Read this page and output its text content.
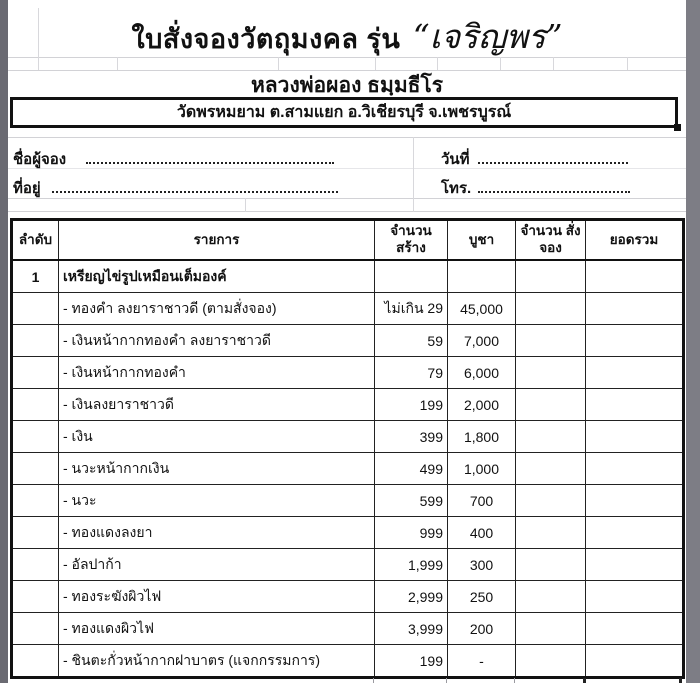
ใบสั่งจองวัตถุมงคล รุ่น “เจริญพร”
หลวงพ่อผอง ธมฺมธีโร
วัดพรหมยาม ต.สามแยก อ.วิเชียรบุรี จ.เพชรบูรณ์
ชื่อผู้จอง	วันที่
ที่อยู่	โทร.
ลำดับ	รายการ	จำนวน สร้าง	บูชา	จำนวน สั่งจอง	ยอดรวม
1	เหรียญไข่รูปเหมือนเต็มองค์				
	- ทองคำ ลงยาราชาวดี (ตามสั่งจอง)	ไม่เกิน 29	45,000		
	- เงินหน้ากากทองคำ ลงยาราชาวดี	59	7,000		
	- เงินหน้ากากทองคำ	79	6,000		
	- เงินลงยาราชาวดี	199	2,000		
	- เงิน	399	1,800		
	- นวะหน้ากากเงิน	499	1,000		
	- นวะ	599	700		
	- ทองแดงลงยา	999	400		
	- อัลปาก้า	1,999	300		
	- ทองระฆังผิวไฟ	2,999	250		
	- ทองแดงผิวไฟ	3,999	200		
	- ชินตะกั่วหน้ากากฝาบาตร (แจกกรรมการ)	199	-		
